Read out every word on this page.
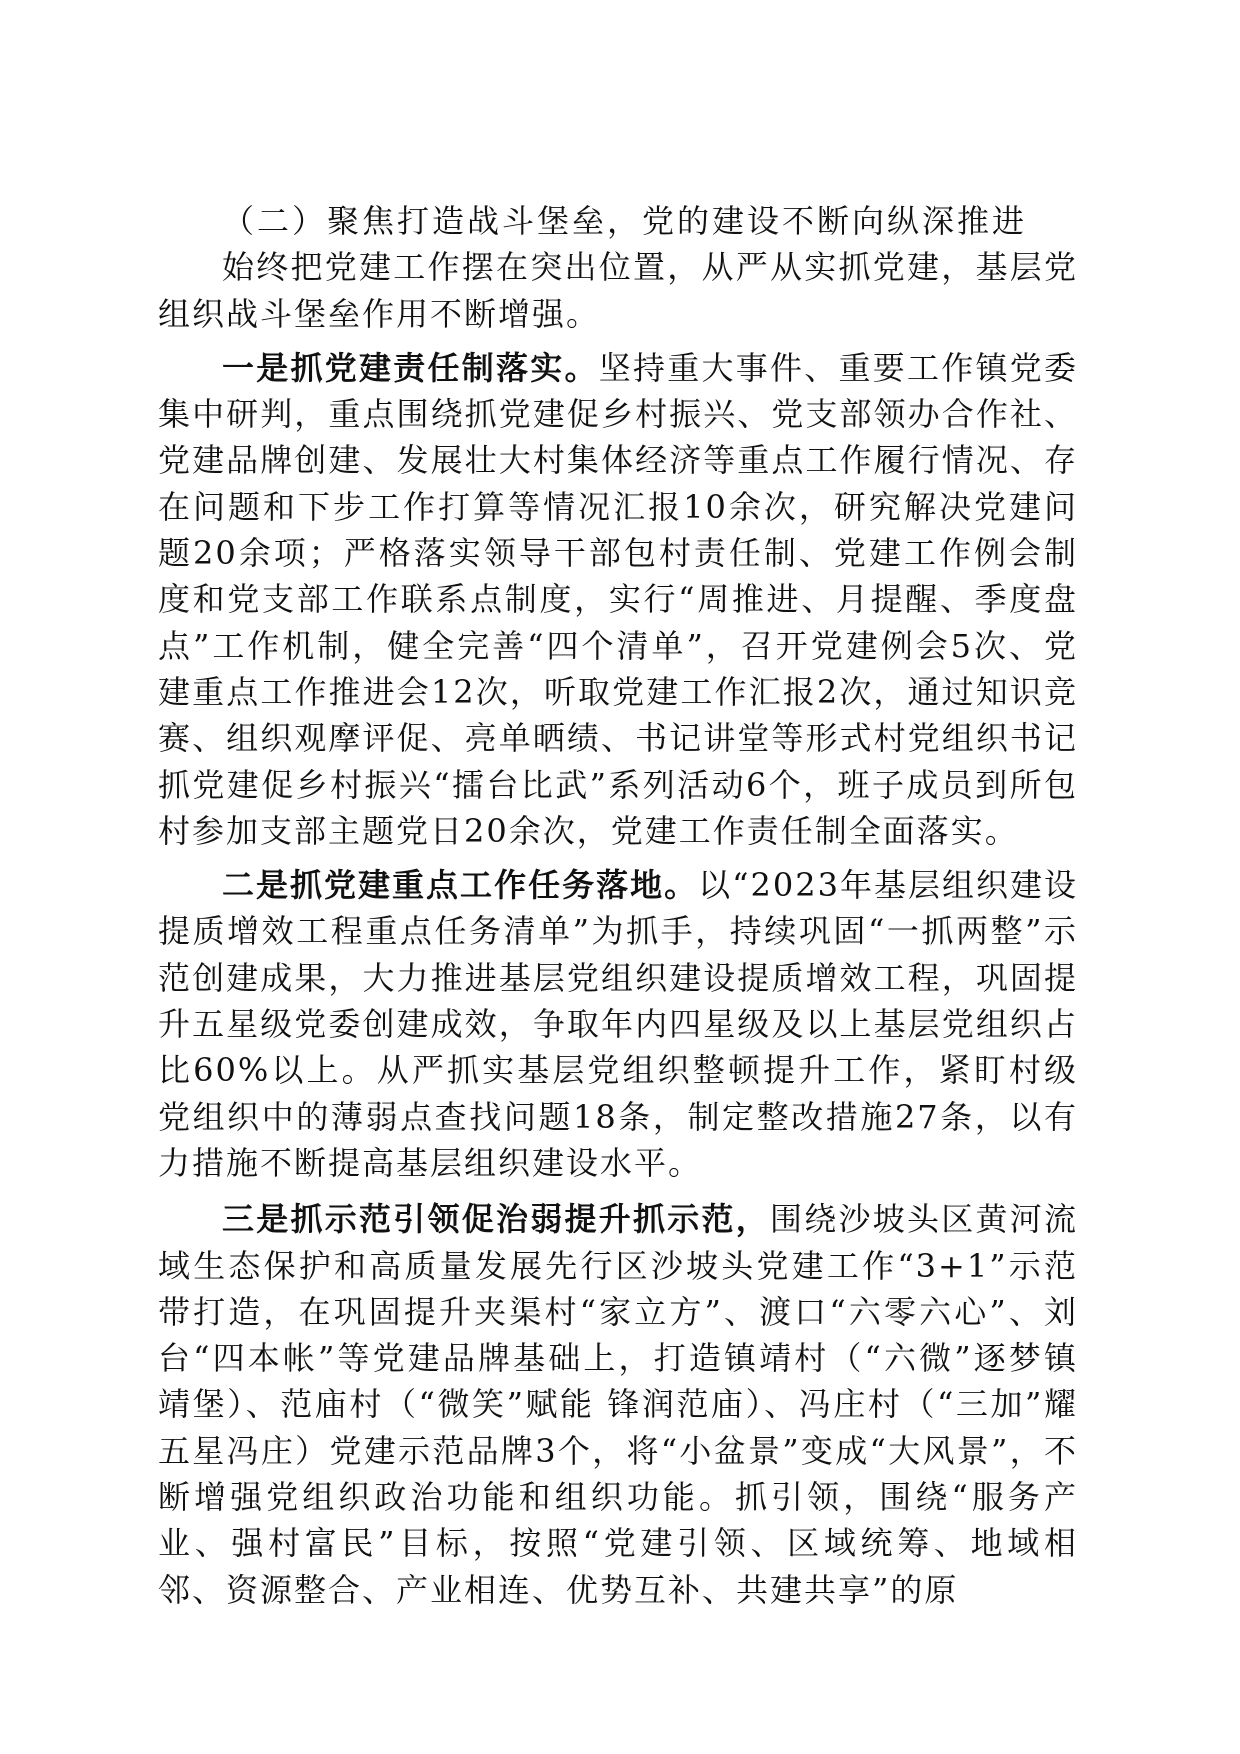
（二）聚焦打造战斗堡垒，党的建设不断向纵深推进

始终把党建工作摆在突出位置，从严从实抓党建，基层党组织战斗堡垒作用不断增强。

一是抓党建责任制落实。坚持重大事件、重要工作镇党委集中研判，重点围绕抓党建促乡村振兴、党支部领办合作社、党建品牌创建、发展壮大村集体经济等重点工作履行情况、存在问题和下步工作打算等情况汇报10余次，研究解决党建问题20余项；严格落实领导干部包村责任制、党建工作例会制度和党支部工作联系点制度，实行“周推进、月提醒、季度盘点”工作机制，健全完善“四个清单”，召开党建例会5次、党建重点工作推进会12次，听取党建工作汇报2次，通过知识竞赛、组织观摩评促、亮单晒绩、书记讲堂等形式村党组织书记抓党建促乡村振兴“擂台比武”系列活动6个，班子成员到所包村参加支部主题党日20余次，党建工作责任制全面落实。

二是抓党建重点工作任务落地。以“2023年基层组织建设提质增效工程重点任务清单”为抓手，持续巩固“一抓两整”示范创建成果，大力推进基层党组织建设提质增效工程，巩固提升五星级党委创建成效，争取年内四星级及以上基层党组织占比60%以上。从严抓实基层党组织整顿提升工作，紧盯村级党组织中的薄弱点查找问题18条，制定整改措施27条，以有力措施不断提高基层组织建设水平。

三是抓示范引领促治弱提升抓示范，围绕沙坡头区黄河流域生态保护和高质量发展先行区沙坡头党建工作“3+1”示范带打造，在巩固提升夹渠村“家立方”、渡口“六零六心”、刘台“四本帐”等党建品牌基础上，打造镇靖村（“六微”逐梦镇靖堡）、范庙村（“微笑”赋能 锋润范庙）、冯庄村（“三加”耀五星冯庄）党建示范品牌3个，将“小盆景”变成“大风景”，不断增强党组织政治功能和组织功能。抓引领，围绕“服务产业、强村富民”目标，按照“党建引领、区域统筹、地域相邻、资源整合、产业相连、优势互补、共建共享”的原
